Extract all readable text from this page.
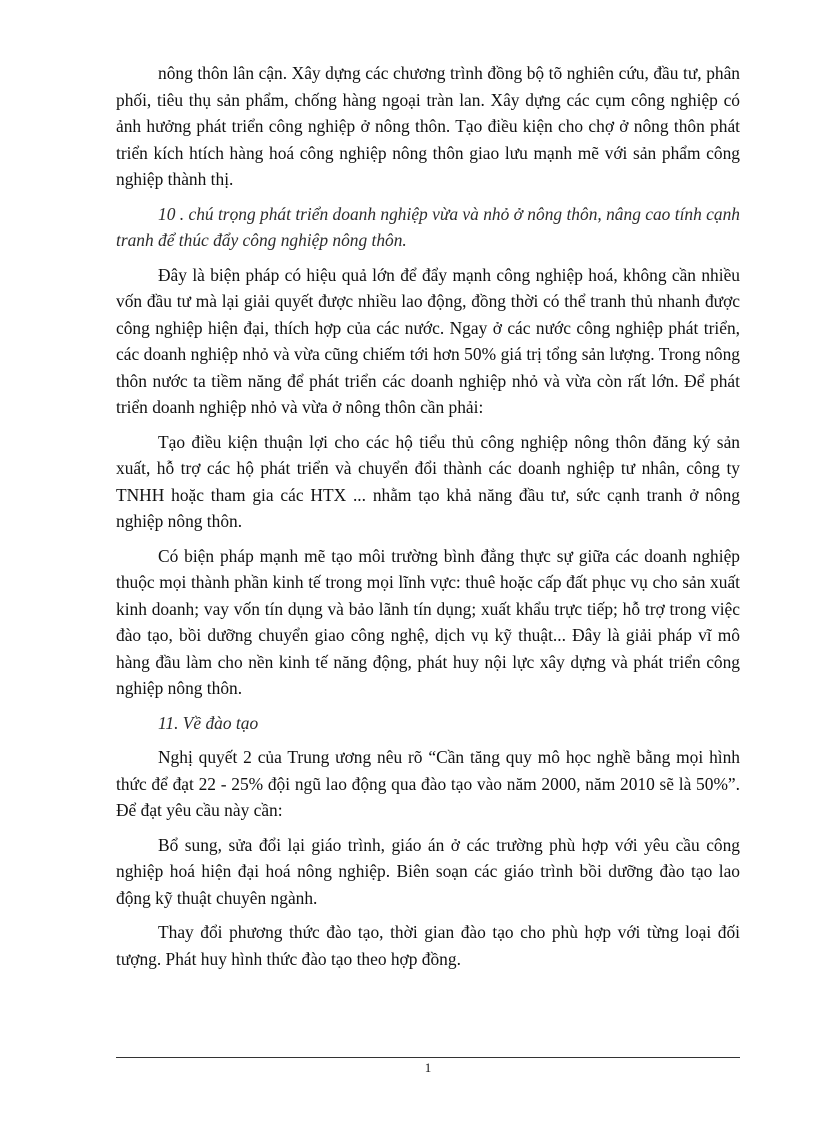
nông thôn lân cận. Xây dựng các chương trình đồng bộ tõ nghiên cứu, đầu tư, phân phối, tiêu thụ sản phẩm, chống hàng ngoại tràn lan. Xây dựng các cụm công nghiệp có ảnh hưởng phát triển công nghiệp ở nông thôn. Tạo điều kiện cho chợ ở nông thôn phát triển kích htích hàng hoá công nghiệp nông thôn giao lưu mạnh mẽ với sản phẩm công nghiệp thành thị.

10 . chú trọng phát triển doanh nghiệp vừa và nhỏ ở nông thôn, nâng cao tính cạnh tranh để thúc đẩy công nghiệp nông thôn.

Đây là biện pháp có hiệu quả lớn để đẩy mạnh công nghiệp hoá, không cần nhiều vốn đầu tư mà lại giải quyết được nhiều lao động, đồng thời có thể tranh thủ nhanh được công nghiệp hiện đại, thích hợp của các nước. Ngay ở các nước công nghiệp phát triển, các doanh nghiệp nhỏ và vừa cũng chiếm tới hơn 50% giá trị tổng sản lượng. Trong nông thôn nước ta tiềm năng để phát triển các doanh nghiệp nhỏ và vừa còn rất lớn. Để phát triển doanh nghiệp nhỏ và vừa ở nông thôn cần phải:

Tạo điều kiện thuận lợi cho các hộ tiểu thủ công nghiệp nông thôn đăng ký sản xuất, hỗ trợ các hộ phát triển và chuyển đổi thành các doanh nghiệp tư nhân, công ty TNHH hoặc tham gia các HTX ... nhằm tạo khả năng đầu tư, sức cạnh tranh ở nông nghiệp nông thôn.

Có biện pháp mạnh mẽ tạo môi trường bình đẳng thực sự giữa các doanh nghiệp thuộc mọi thành phần kinh tế trong mọi lĩnh vực: thuê hoặc cấp đất phục vụ cho sản xuất kinh doanh; vay vốn tín dụng và bảo lãnh tín dụng; xuất khẩu trực tiếp; hỗ trợ trong việc đào tạo, bồi dưỡng chuyển giao công nghệ, dịch vụ kỹ thuật... Đây là giải pháp vĩ mô hàng đầu làm cho nền kinh tế năng động, phát huy nội lực xây dựng và phát triển công nghiệp nông thôn.

11. Về đào tạo

Nghị quyết 2 của Trung ương nêu rõ “Cần tăng quy mô học nghề bằng mọi hình thức để đạt 22 - 25% đội ngũ lao động qua đào tạo vào năm 2000, năm 2010 sẽ là 50%”. Để đạt yêu cầu này cần:

Bổ sung, sửa đổi lại giáo trình, giáo án ở các trường phù hợp với yêu cầu công nghiệp hoá hiện đại hoá nông nghiệp. Biên soạn các giáo trình bồi dưỡng đào tạo lao động kỹ thuật chuyên ngành.

Thay đổi phương thức đào tạo, thời gian đào tạo cho phù hợp với từng loại đối tượng. Phát huy hình thức đào tạo theo hợp đồng.

1
